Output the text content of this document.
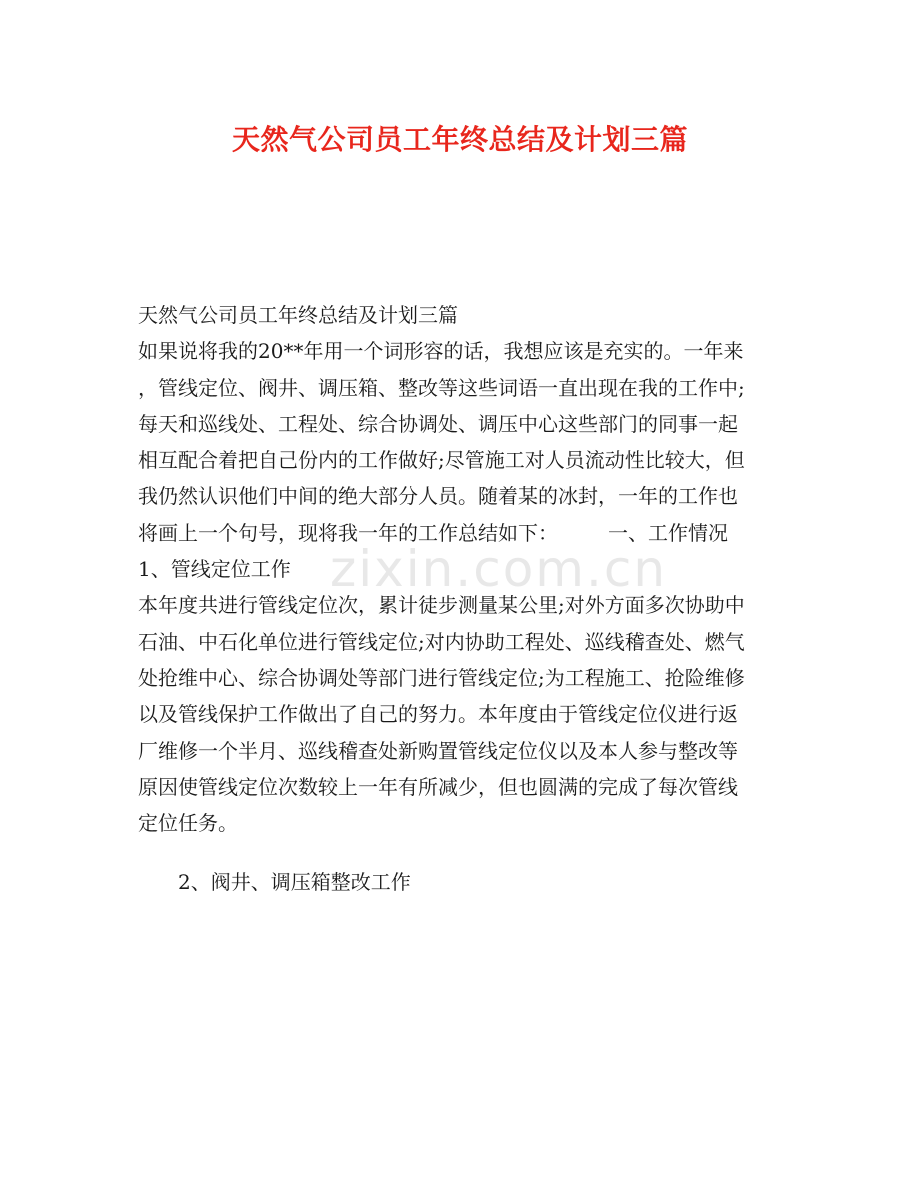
天然气公司员工年终总结及计划三篇
zixin.com.cn
天然气公司员工年终总结及计划三篇
如果说将我的20**年用一个词形容的话，我想应该是充实的。一年来
，管线定位、阀井、调压箱、整改等这些词语一直出现在我的工作中;
每天和巡线处、工程处、综合协调处、调压中心这些部门的同事一起
相互配合着把自己份内的工作做好;尽管施工对人员流动性比较大，但
我仍然认识他们中间的绝大部分人员。随着某的冰封，一年的工作也
将画上一个句号，现将我一年的工作总结如下：	一、工作情况
1、管线定位工作
本年度共进行管线定位次，累计徒步测量某公里;对外方面多次协助中
石油、中石化单位进行管线定位;对内协助工程处、巡线稽查处、燃气
处抢维中心、综合协调处等部门进行管线定位;为工程施工、抢险维修
以及管线保护工作做出了自己的努力。本年度由于管线定位仪进行返
厂维修一个半月、巡线稽查处新购置管线定位仪以及本人参与整改等
原因使管线定位次数较上一年有所减少，但也圆满的完成了每次管线
定位任务。
2、阀井、调压箱整改工作
